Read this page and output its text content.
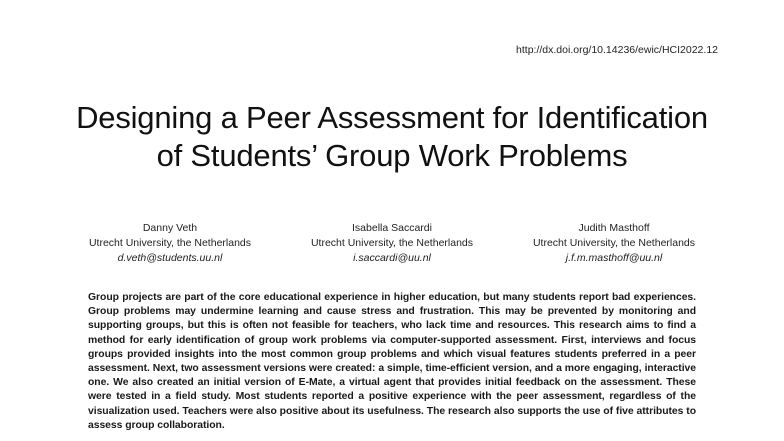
http://dx.doi.org/10.14236/ewic/HCI2022.12
Designing a Peer Assessment for Identification
of Students’ Group Work Problems
Danny Veth
Utrecht University, the Netherlands
d.veth@students.uu.nl
Isabella Saccardi
Utrecht University, the Netherlands
i.saccardi@uu.nl
Judith Masthoff
Utrecht University, the Netherlands
j.f.m.masthoff@uu.nl

Group projects are part of the core educational experience in higher education, but many students report bad experiences. Group problems may undermine learning and cause stress and frustration. This may be prevented by monitoring and supporting groups, but this is often not feasible for teachers, who lack time and resources. This research aims to find a method for early identification of group work problems via computer-supported assessment. First, interviews and focus groups provided insights into the most common group problems and which visual features students preferred in a peer assessment. Next, two assessment versions were created: a simple, time-efficient version, and a more engaging, interactive one. We also created an initial version of E-Mate, a virtual agent that provides initial feedback on the assessment. These were tested in a field study. Most students reported a positive experience with the peer assessment, regardless of the visualization used. Teachers were also positive about its usefulness. The research also supports the use of five attributes to assess group collaboration.
